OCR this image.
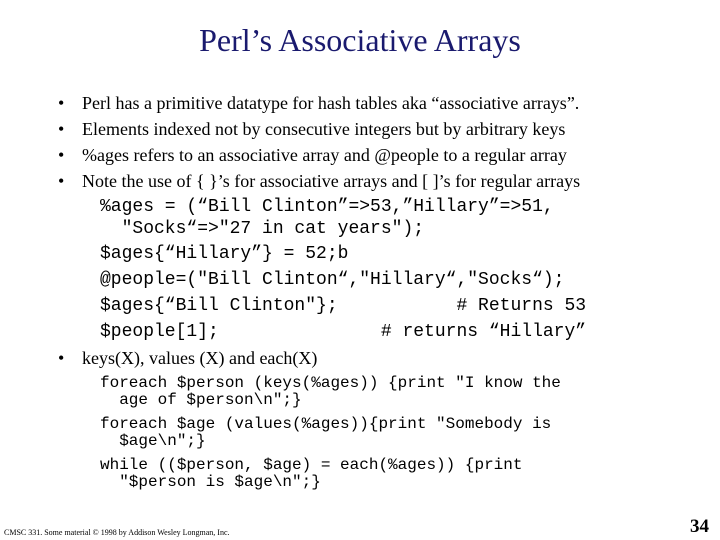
Perl’s Associative Arrays
• Perl has a primitive datatype for hash tables aka “associative arrays”.
• Elements indexed not by consecutive integers but by arbitrary keys
• %ages refers to an associative array and @people to a regular array
• Note the use of { }’s for associative arrays and [ ]’s for regular arrays
%ages = (“Bill Clinton”=>53,”Hillary”=>51,
"Socks“=>"27 in cat years");
$ages{“Hillary”} = 52;b
@people=("Bill Clinton“,"Hillary“,"Socks“);
$ages{“Bill Clinton"};           # Returns 53
$people[1];               # returns “Hillary”
• keys(X), values (X) and each(X)
foreach $person (keys(%ages)) {print "I know the
age of $person\n";}
foreach $age (values(%ages)){print "Somebody is
$age\n";}
while (($person, $age) = each(%ages)) {print
"$person is $age\n";}
CMSC 331. Some material © 1998 by Addison Wesley Longman, Inc.	34
